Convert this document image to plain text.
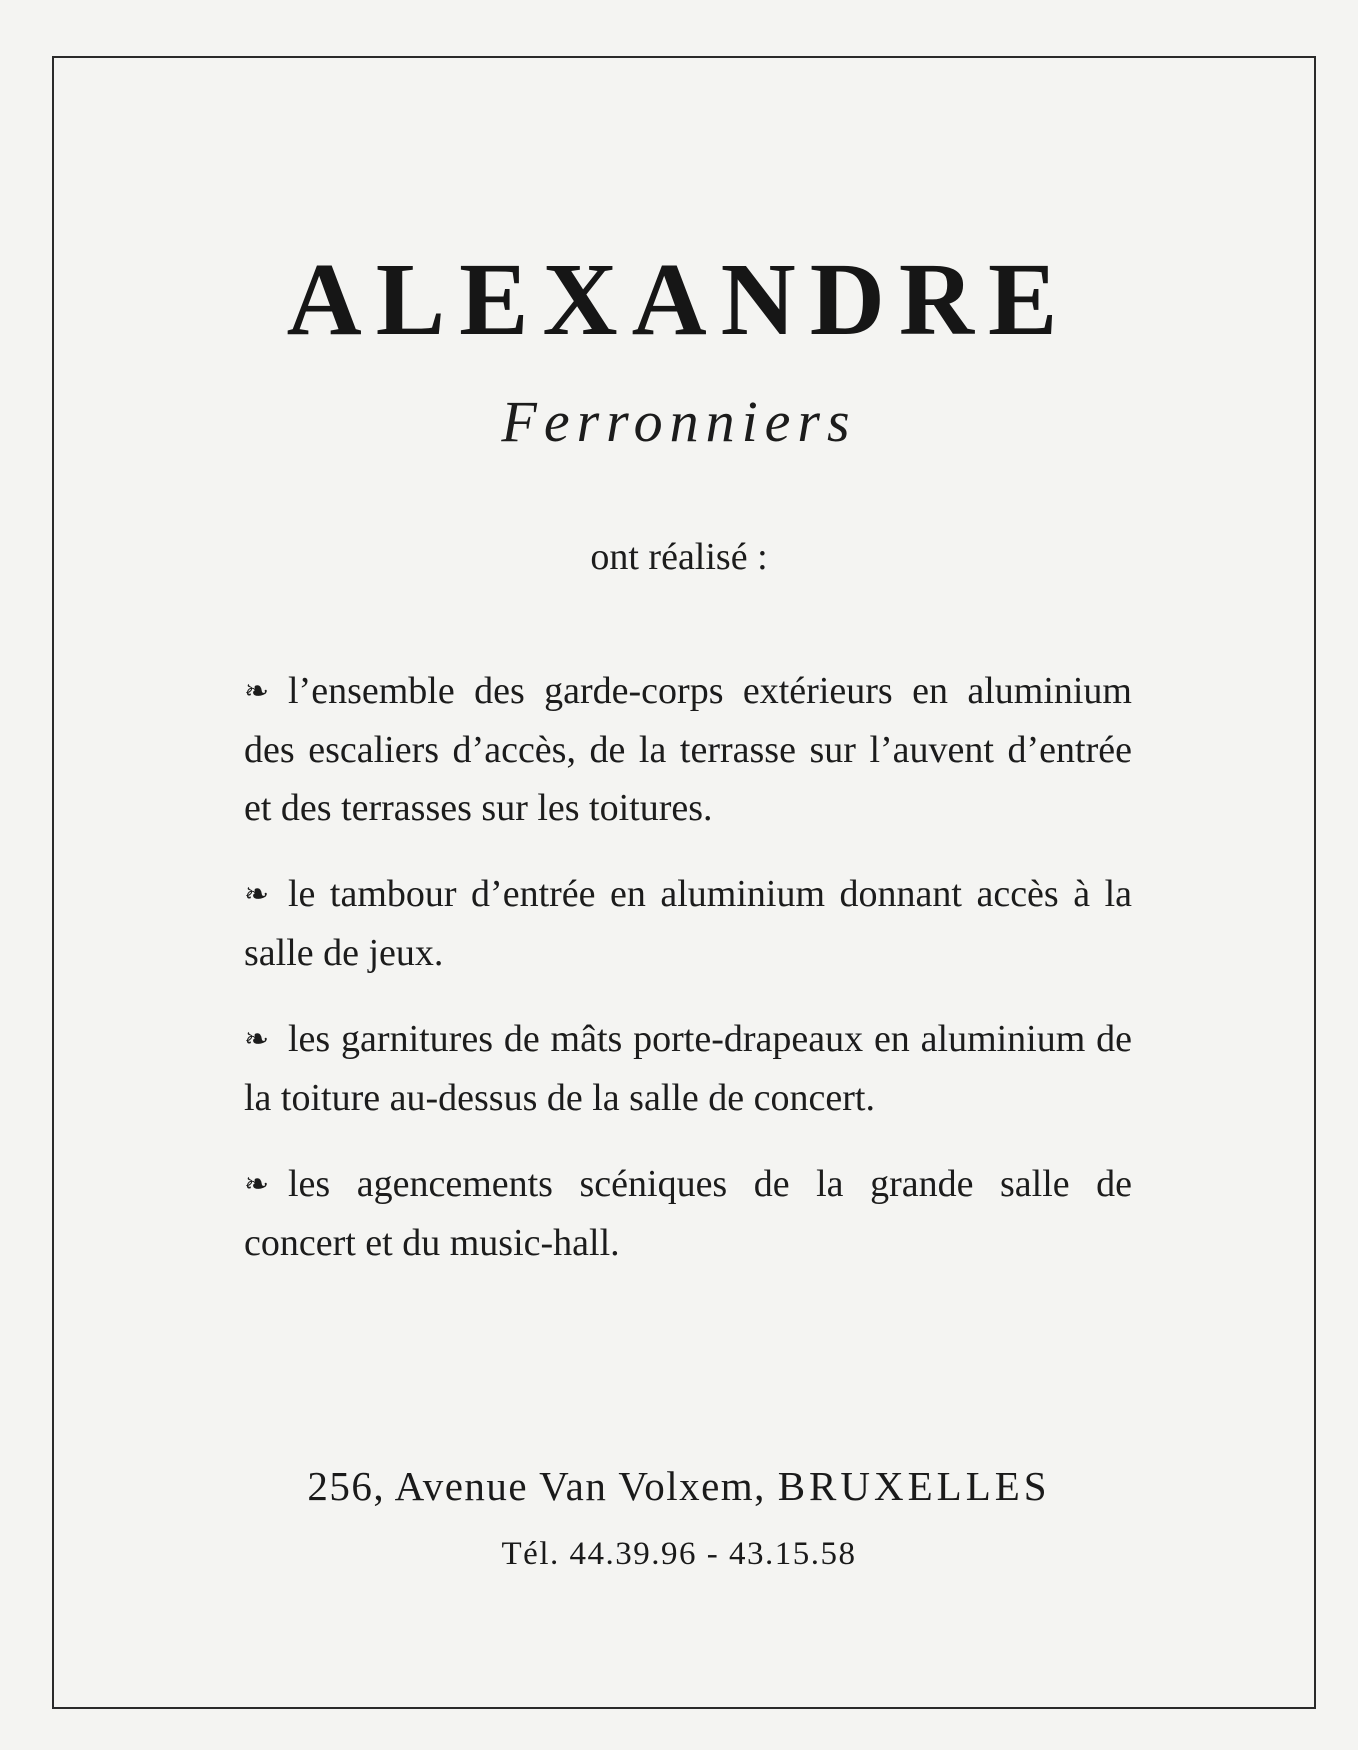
ALEXANDRE
Ferronniers
ont réalisé :
❧ l’ensemble des garde-corps extérieurs en aluminium des escaliers d’accès, de la terrasse sur l’auvent d’entrée et des terrasses sur les toitures.
❧ le tambour d’entrée en aluminium donnant accès à la salle de jeux.
❧ les garnitures de mâts porte-drapeaux en aluminium de la toiture au-dessus de la salle de concert.
❧ les agencements scéniques de la grande salle de concert et du music-hall.
256, Avenue Van Volxem, BRUXELLES
Tél. 44.39.96 - 43.15.58
